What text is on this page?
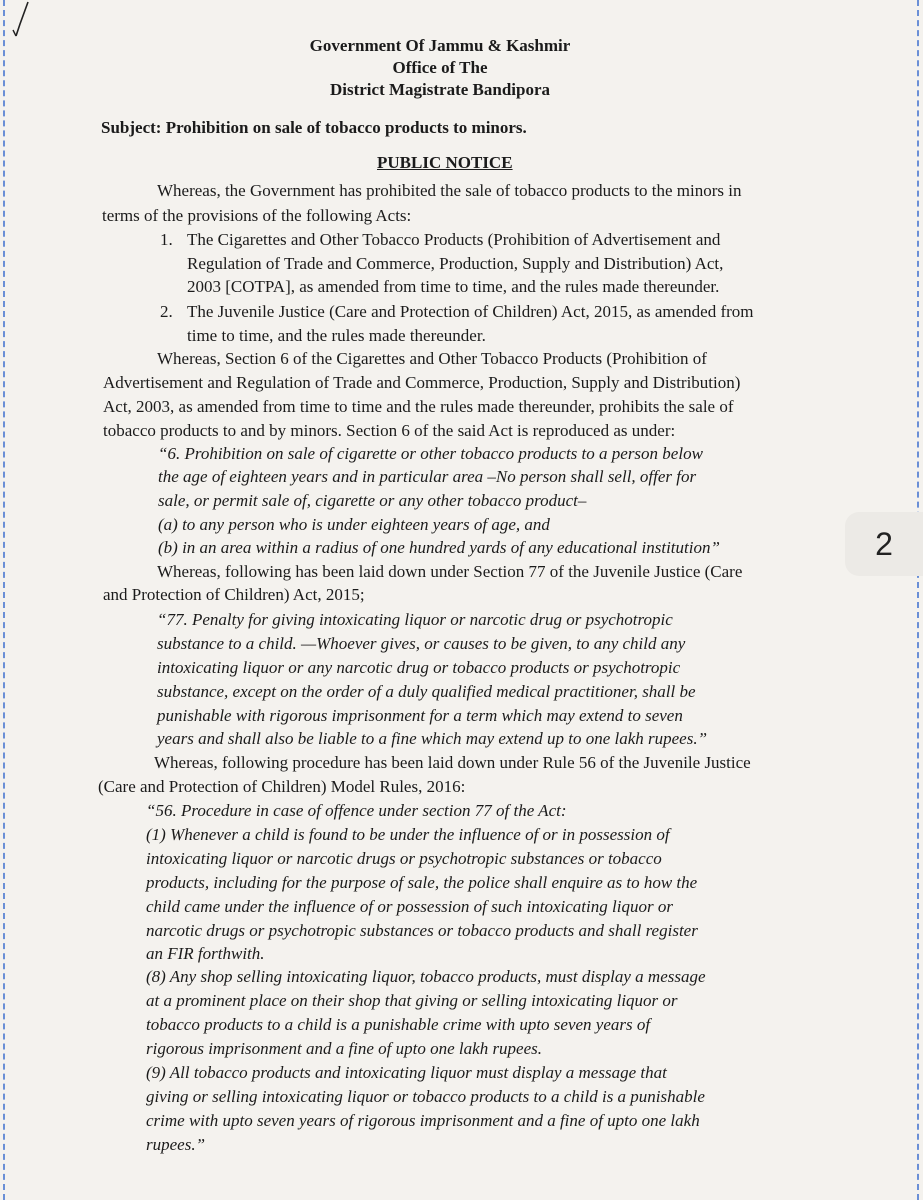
2
Government Of Jammu & Kashmir
Office of The
District Magistrate Bandipora
Subject: Prohibition on sale of tobacco products to minors.
PUBLIC NOTICE
Whereas, the Government has prohibited the sale of tobacco products to the minors in
terms of the provisions of the following Acts:
1. The Cigarettes and Other Tobacco Products (Prohibition of Advertisement and
Regulation of Trade and Commerce, Production, Supply and Distribution) Act,
2003 [COTPA], as amended from time to time, and the rules made thereunder.
2. The Juvenile Justice (Care and Protection of Children) Act, 2015, as amended from
time to time, and the rules made thereunder.
Whereas, Section 6 of the Cigarettes and Other Tobacco Products (Prohibition of
Advertisement and Regulation of Trade and Commerce, Production, Supply and Distribution)
Act, 2003, as amended from time to time and the rules made thereunder, prohibits the sale of
tobacco products to and by minors. Section 6 of the said Act is reproduced as under:
“6. Prohibition on sale of cigarette or other tobacco products to a person below
the age of eighteen years and in particular area –No person shall sell, offer for
sale, or permit sale of, cigarette or any other tobacco product–
(a) to any person who is under eighteen years of age, and
(b) in an area within a radius of one hundred yards of any educational institution”
Whereas, following has been laid down under Section 77 of the Juvenile Justice (Care
and Protection of Children) Act, 2015;
“77. Penalty for giving intoxicating liquor or narcotic drug or psychotropic
substance to a child. —Whoever gives, or causes to be given, to any child any
intoxicating liquor or any narcotic drug or tobacco products or psychotropic
substance, except on the order of a duly qualified medical practitioner, shall be
punishable with rigorous imprisonment for a term which may extend to seven
years and shall also be liable to a fine which may extend up to one lakh rupees.”
Whereas, following procedure has been laid down under Rule 56 of the Juvenile Justice
(Care and Protection of Children) Model Rules, 2016:
“56. Procedure in case of offence under section 77 of the Act:
(1) Whenever a child is found to be under the influence of or in possession of
intoxicating liquor or narcotic drugs or psychotropic substances or tobacco
products, including for the purpose of sale, the police shall enquire as to how the
child came under the influence of or possession of such intoxicating liquor or
narcotic drugs or psychotropic substances or tobacco products and shall register
an FIR forthwith.
(8) Any shop selling intoxicating liquor, tobacco products, must display a message
at a prominent place on their shop that giving or selling intoxicating liquor or
tobacco products to a child is a punishable crime with upto seven years of
rigorous imprisonment and a fine of upto one lakh rupees.
(9) All tobacco products and intoxicating liquor must display a message that
giving or selling intoxicating liquor or tobacco products to a child is a punishable
crime with upto seven years of rigorous imprisonment and a fine of upto one lakh
rupees.”
